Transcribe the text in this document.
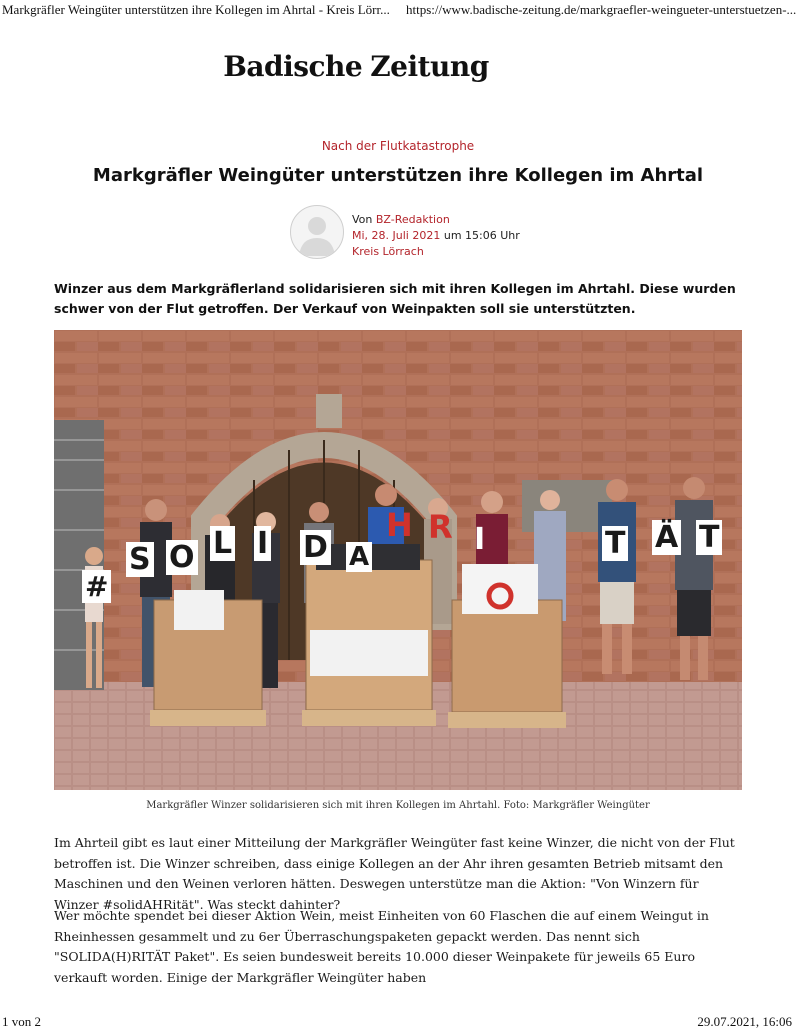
Markgräfler Weingüter unterstützen ihre Kollegen im Ahrtal - Kreis Lörr... https://www.badische-zeitung.de/markgraefler-weingueter-unterstuetzen-...
Badische Zeitung
Nach der Flutkatastrophe
Markgräfler Weingüter unterstützen ihre Kollegen im Ahrtal
Von BZ-Redaktion
Mi, 28. Juli 2021 um 15:06 Uhr
Kreis Lörrach

Winzer aus dem Markgräflerland solidarisieren sich mit ihren Kollegen im Ahrtahl. Diese wurden schwer von der Flut getroffen. Der Verkauf von Weinpakten soll sie unterstützten.

#
S O L I D A
H R I	T Ä T
Markgräfler Winzer solidarisieren sich mit ihren Kollegen im Ahrtahl. Foto: Markgräfler Weingüter

Im Ahrteil gibt es laut einer Mitteilung der Markgräfler Weingüter fast keine Winzer, die nicht von der Flut betroffen ist. Die Winzer schreiben, dass einige Kollegen an der Ahr ihren gesamten Betrieb mitsamt den Maschinen und den Weinen verloren hätten. Deswegen unterstütze man die Aktion: "Von Winzern für Winzer #solidAHRität". Was steckt dahinter?

Wer möchte spendet bei dieser Aktion Wein, meist Einheiten von 60 Flaschen die auf einem Weingut in Rheinhessen gesammelt und zu 6er Überraschungspaketen gepackt werden. Das nennt sich "SOLIDA(H)RITÄT Paket". Es seien bundesweit bereits 10.000 dieser Weinpakete für jeweils 65 Euro verkauft worden. Einige der Markgräfler Weingüter haben

1 von 2	29.07.2021, 16:06
